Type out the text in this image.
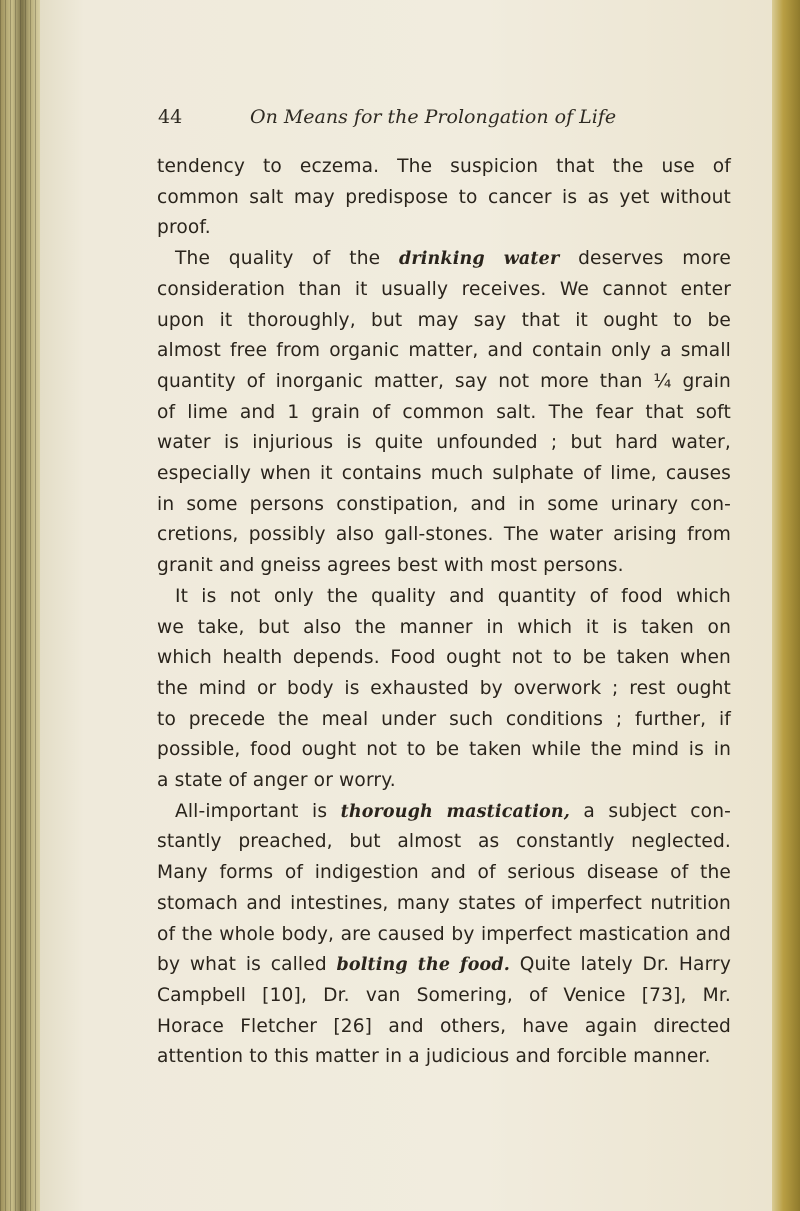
44	On Means for the Prolongation of Life
tendency to eczema. The suspicion that the use of
common salt may predispose to cancer is as yet without
proof.
The quality of the drinking water deserves more
consideration than it usually receives. We cannot enter
upon it thoroughly, but may say that it ought to be
almost free from organic matter, and contain only a small
quantity of inorganic matter, say not more than ¼ grain
of lime and 1 grain of common salt. The fear that soft
water is injurious is quite unfounded ; but hard water,
especially when it contains much sulphate of lime, causes
in some persons constipation, and in some urinary con-
cretions, possibly also gall-stones. The water arising from
granit and gneiss agrees best with most persons.
It is not only the quality and quantity of food which
we take, but also the manner in which it is taken on
which health depends. Food ought not to be taken when
the mind or body is exhausted by overwork ; rest ought
to precede the meal under such conditions ; further, if
possible, food ought not to be taken while the mind is in
a state of anger or worry.
All-important is thorough mastication, a subject con-
stantly preached, but almost as constantly neglected.
Many forms of indigestion and of serious disease of the
stomach and intestines, many states of imperfect nutrition
of the whole body, are caused by imperfect mastication and
by what is called bolting the food. Quite lately Dr. Harry
Campbell [10], Dr. van Somering, of Venice [73], Mr.
Horace Fletcher [26] and others, have again directed
attention to this matter in a judicious and forcible manner.
